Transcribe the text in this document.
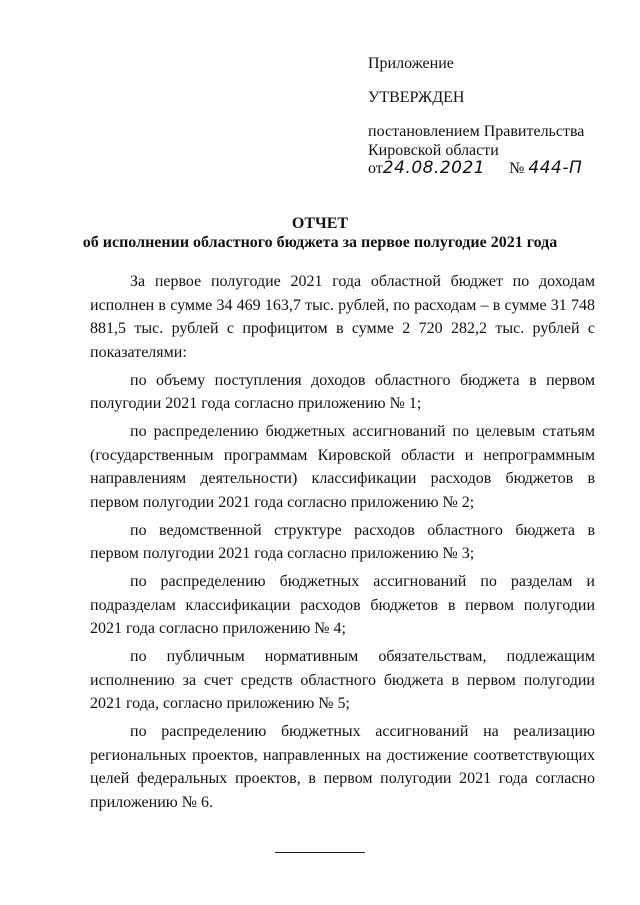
Приложение
УТВЕРЖДЕН
постановлением Правительства
Кировской области
от24.08.2021 № 444-П
ОТЧЕТ
об исполнении областного бюджета за первое полугодие 2021 года

За первое полугодие 2021 года областной бюджет по доходам исполнен в сумме 34 469 163,7 тыс. рублей, по расходам – в сумме 31 748 881,5 тыс. рублей с профицитом в сумме 2 720 282,2 тыс. рублей с показателями:

по объему поступления доходов областного бюджета в первом полугодии 2021 года согласно приложению № 1;

по распределению бюджетных ассигнований по целевым статьям (государственным программам Кировской области и непрограммным направлениям деятельности) классификации расходов бюджетов в первом полугодии 2021 года согласно приложению № 2;

по ведомственной структуре расходов областного бюджета в первом полугодии 2021 года согласно приложению № 3;

по распределению бюджетных ассигнований по разделам и подразделам классификации расходов бюджетов в первом полугодии 2021 года согласно приложению № 4;

по публичным нормативным обязательствам, подлежащим исполнению за счет средств областного бюджета в первом полугодии 2021 года, согласно приложению № 5;

по распределению бюджетных ассигнований на реализацию региональных проектов, направленных на достижение соответствующих целей федеральных проектов, в первом полугодии 2021 года согласно приложению № 6.
